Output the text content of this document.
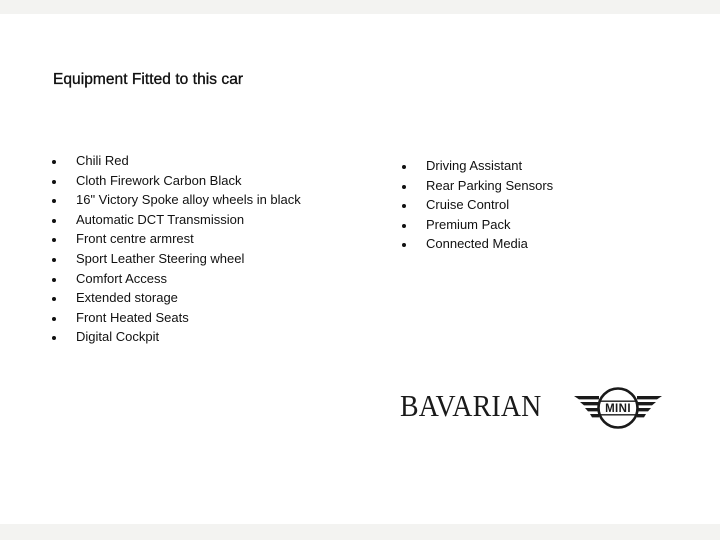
Equipment Fitted to this car
Chili Red
Cloth Firework Carbon Black
16" Victory Spoke alloy wheels in black
Automatic DCT Transmission
Front centre armrest
Sport Leather Steering wheel
Comfort Access
Extended storage
Front Heated Seats
Digital Cockpit
Driving Assistant
Rear Parking Sensors
Cruise Control
Premium Pack
Connected Media
BAVARIAN	MINI
